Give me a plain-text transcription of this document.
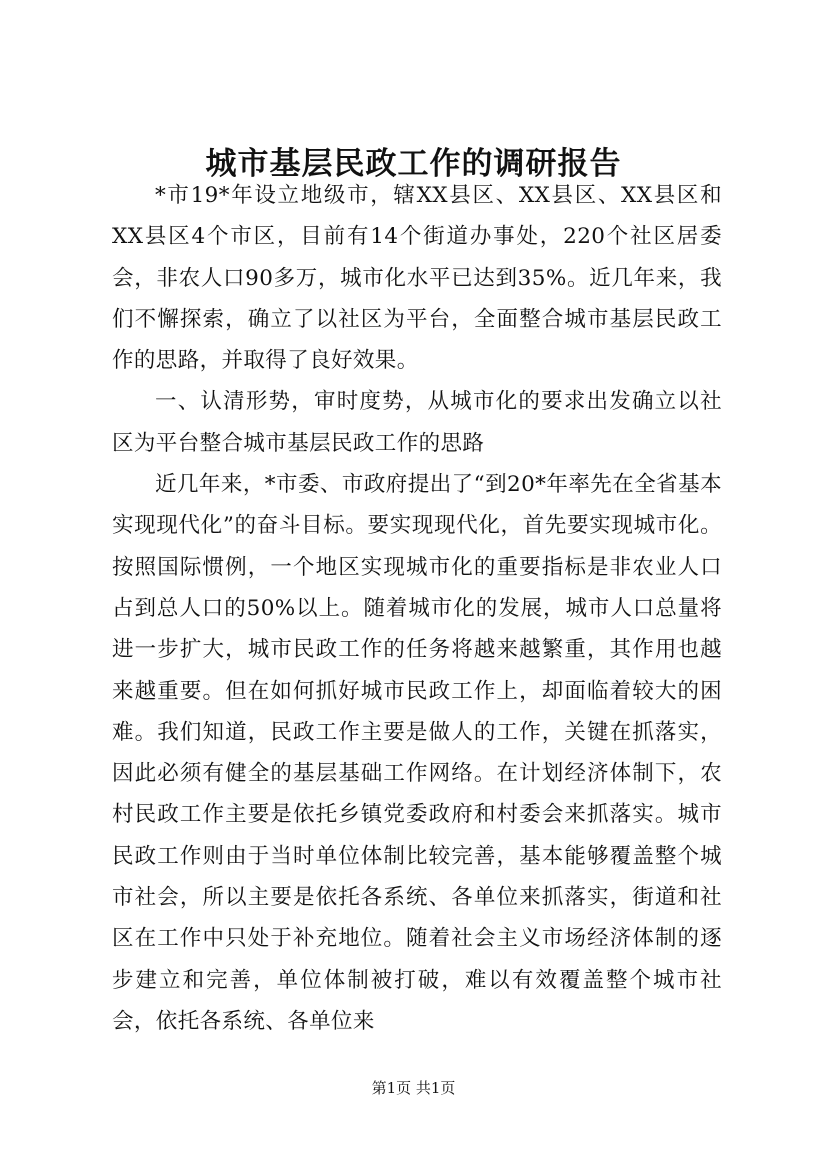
城市基层民政工作的调研报告

*市19*年设立地级市，辖XX县区、XX县区、XX县区和XX县区4个市区，目前有14个街道办事处，220个社区居委会，非农人口90多万，城市化水平已达到35%。近几年来，我们不懈探索，确立了以社区为平台，全面整合城市基层民政工作的思路，并取得了良好效果。

一、认清形势，审时度势，从城市化的要求出发确立以社区为平台整合城市基层民政工作的思路

近几年来，*市委、市政府提出了“到20*年率先在全省基本实现现代化”的奋斗目标。要实现现代化，首先要实现城市化。按照国际惯例，一个地区实现城市化的重要指标是非农业人口占到总人口的50%以上。随着城市化的发展，城市人口总量将进一步扩大，城市民政工作的任务将越来越繁重，其作用也越来越重要。但在如何抓好城市民政工作上，却面临着较大的困难。我们知道，民政工作主要是做人的工作，关键在抓落实，因此必须有健全的基层基础工作网络。在计划经济体制下，农村民政工作主要是依托乡镇党委政府和村委会来抓落实。城市民政工作则由于当时单位体制比较完善，基本能够覆盖整个城市社会，所以主要是依托各系统、各单位来抓落实，街道和社区在工作中只处于补充地位。随着社会主义市场经济体制的逐步建立和完善，单位体制被打破，难以有效覆盖整个城市社会，依托各系统、各单位来

第1页 共1页
